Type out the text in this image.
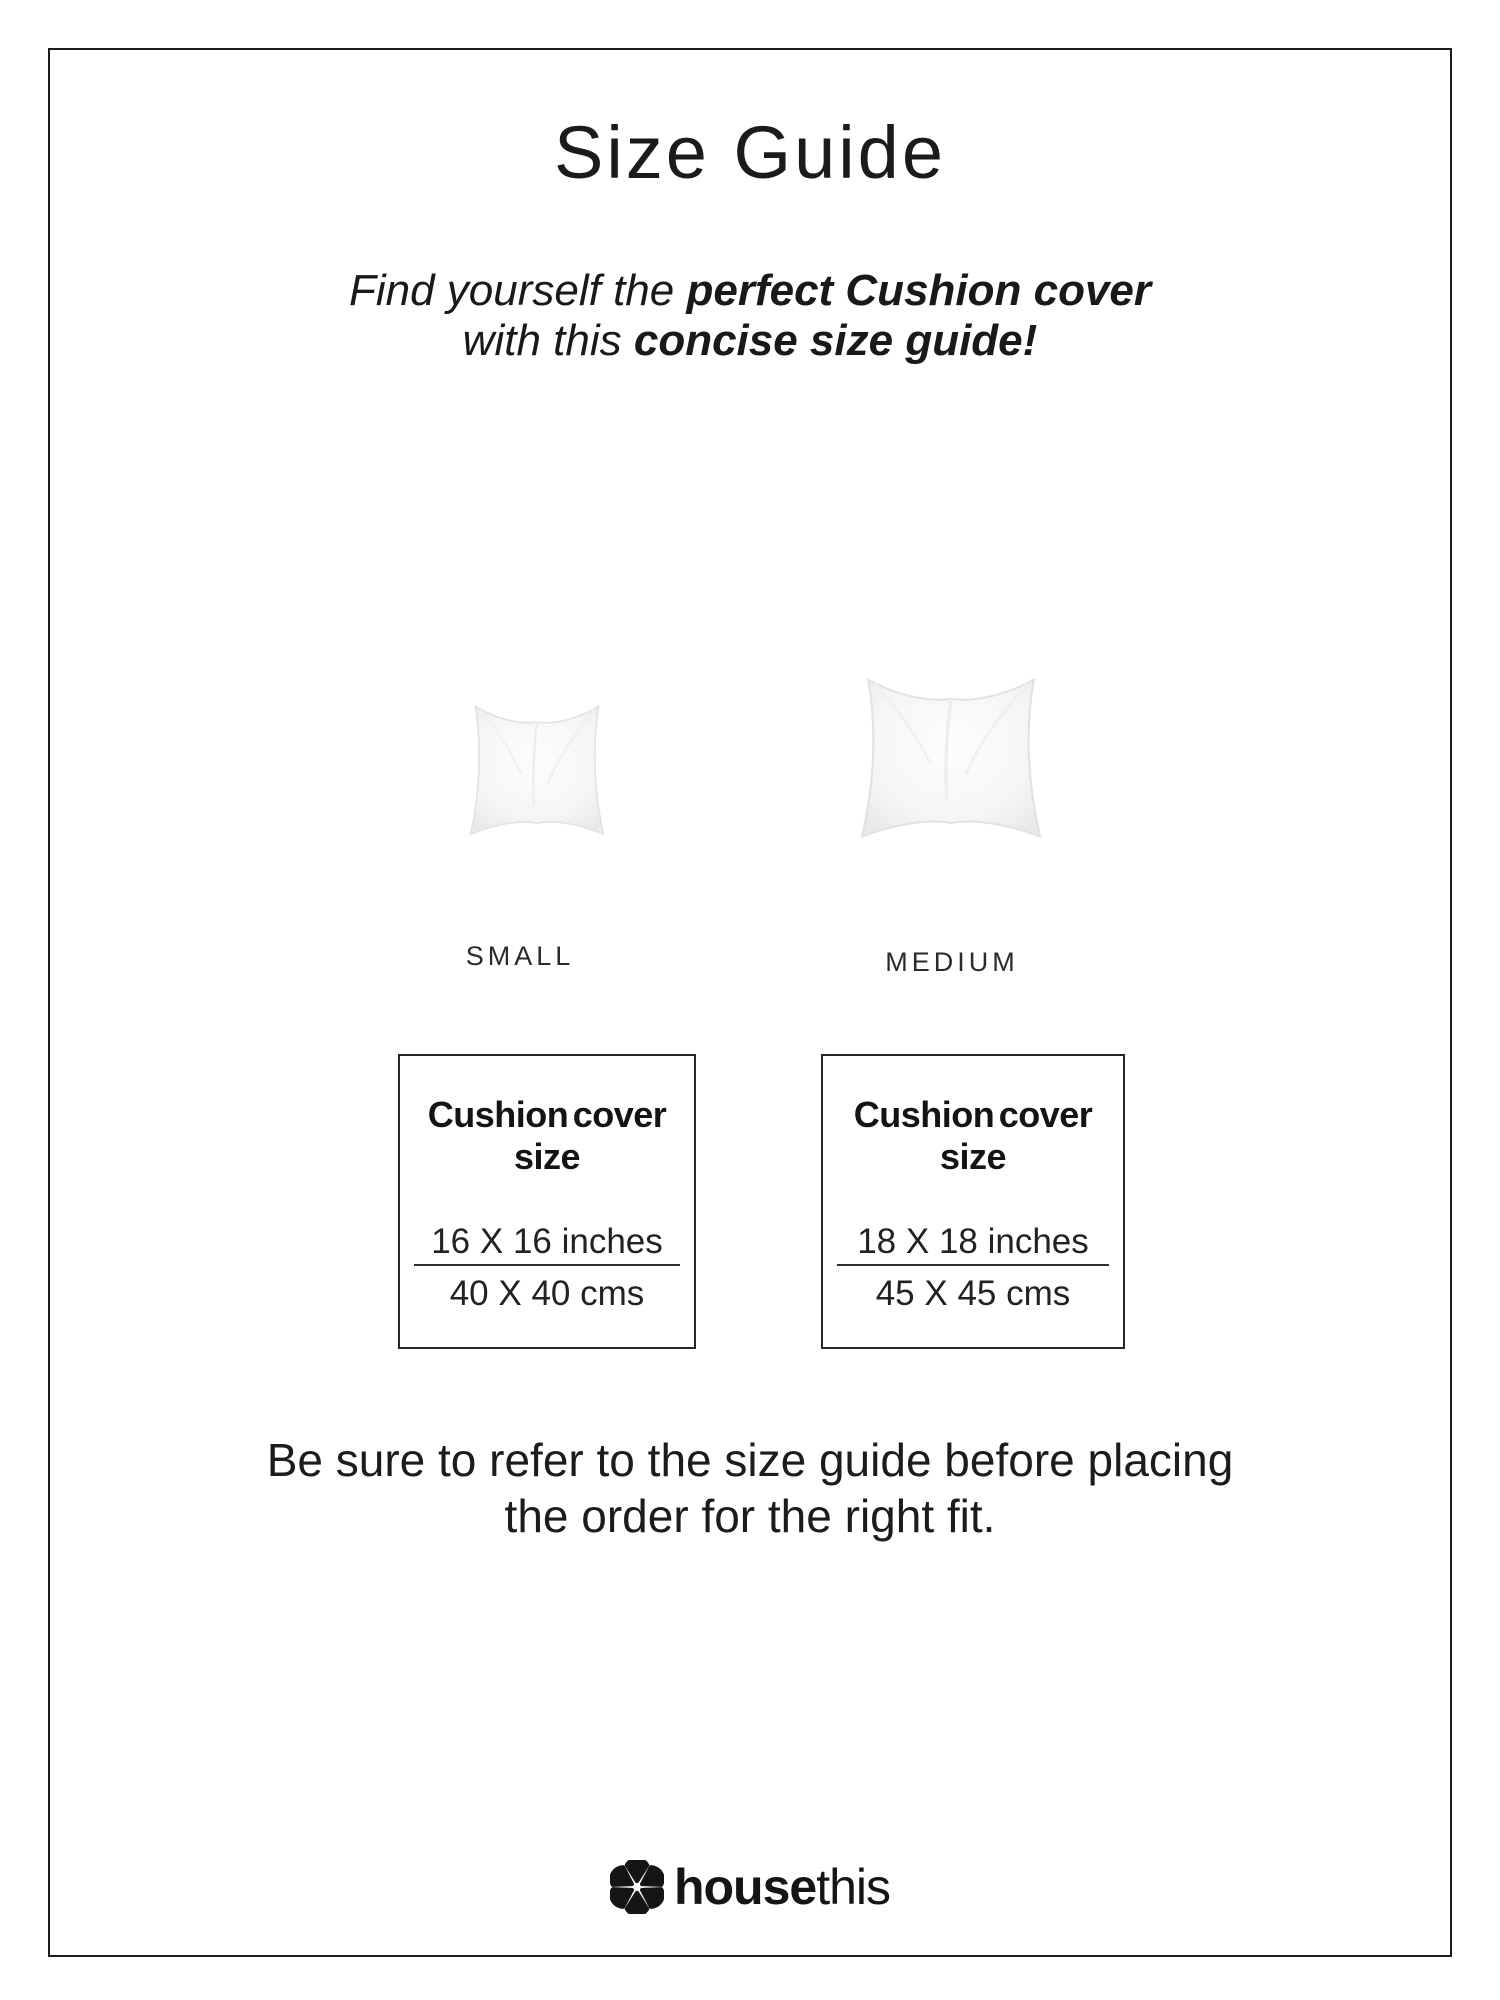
Size Guide
Find yourself the perfect Cushion cover
with this concise size guide!
SMALL	MEDIUM
Cushion cover size
16 X 16 inches
40 X 40 cms
Cushion cover size
18 X 18 inches
45 X 45 cms
Be sure to refer to the size guide before placing
the order for the right fit.
housethis
